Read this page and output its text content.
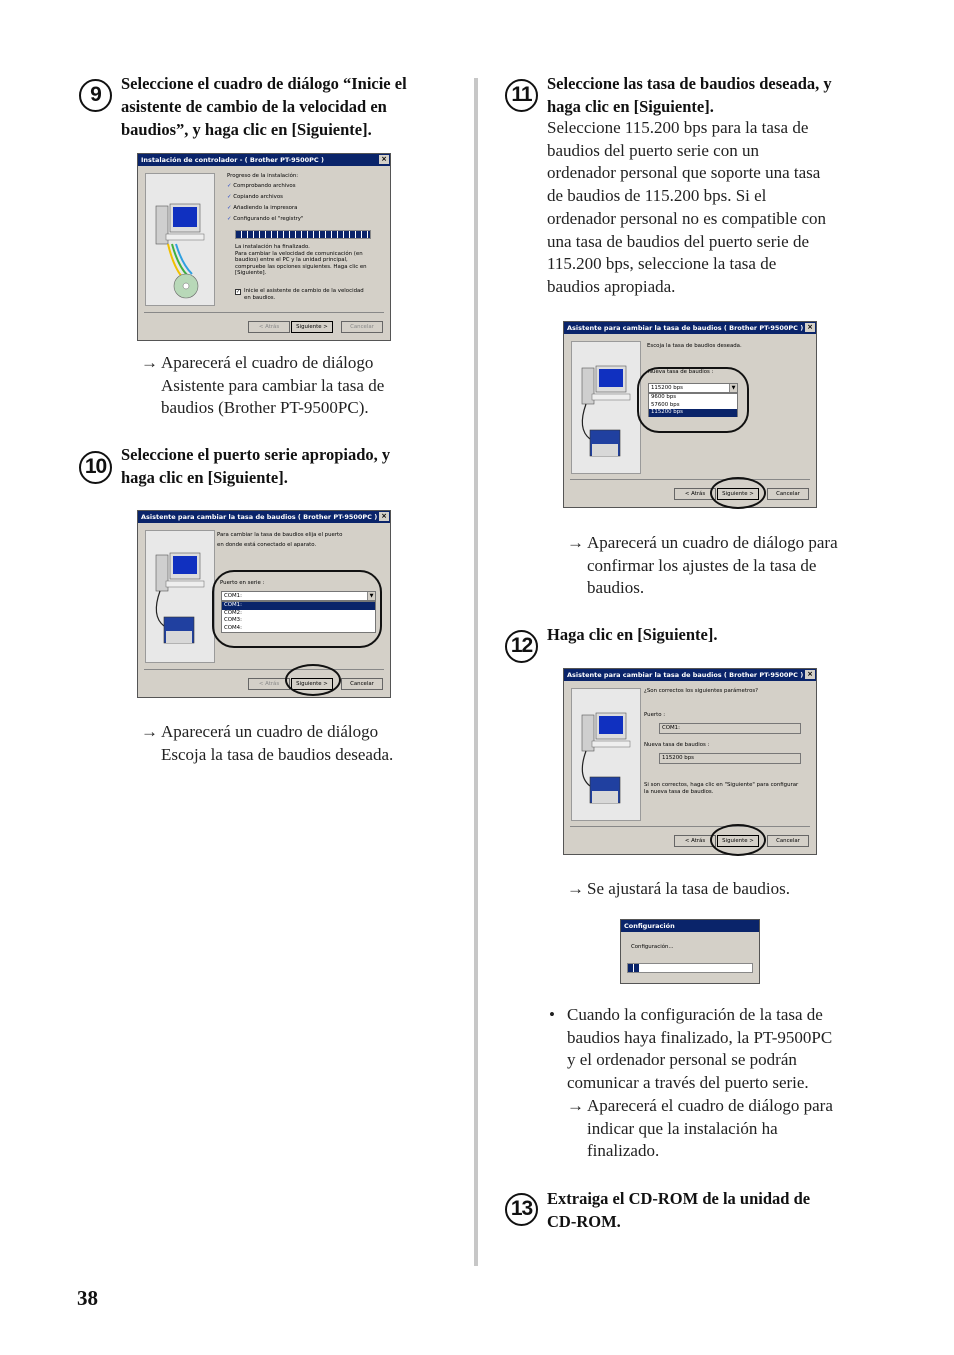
9	Seleccione el cuadro de diálogo “Inicie el
asistente de cambio de la velocidad en
baudios”, y haga clic en [Siguiente].
Instalación de controlador - ( Brother PT-9500PC )	×
Progreso de la instalación:
✓ Comprobando archivos
✓ Copiando archivos
✓ Añadiendo la impresora
✓ Configurando el "registry"
La instalación ha finalizado.
Para cambiar la velocidad de comunicación (en
baudios) entre el PC y la unidad principal,
compruebe las opciones siguientes. Haga clic en
[Siguiente].
✓ Inicie el asistente de cambio de la velocidad
en baudios.
< Atrás	Siguiente >	Cancelar
→ Aparecerá el cuadro de diálogo
Asistente para cambiar la tasa de
baudios (Brother PT-9500PC).
10
Seleccione el puerto serie apropiado, y
haga clic en [Siguiente].
Asistente para cambiar la tasa de baudios ( Brother PT-9500PC ) ×
Para cambiar la tasa de baudios elija el puerto
en donde está conectado el aparato.
Puerto en serie :
COM1:	▼
COM1:
COM2:
COM3:
COM4:
< Atrás	Siguiente >	Cancelar
→ Aparecerá un cuadro de diálogo
Escoja la tasa de baudios deseada.
38
11 Seleccione las tasa de baudios deseada, y
haga clic en [Siguiente].
Seleccione 115.200 bps para la tasa de
baudios del puerto serie con un
ordenador personal que soporte una tasa
de baudios de 115.200 bps. Si el
ordenador personal no es compatible con
una tasa de baudios del puerto serie de
115.200 bps, seleccione la tasa de
baudios apropiada.
Asistente para cambiar la tasa de baudios ( Brother PT-9500PC ) ×
Escoja la tasa de baudios deseada.
Nueva tasa de baudios :
115200 bps	▼
9600 bps
57600 bps
115200 bps
< Atrás	Siguiente >	Cancelar
→ Aparecerá un cuadro de diálogo para
confirmar los ajustes de la tasa de
baudios.
12 Haga clic en [Siguiente].
Asistente para cambiar la tasa de baudios ( Brother PT-9500PC ) ×
¿Son correctos los siguientes parámetros?
Puerto :
COM1:
Nueva tasa de baudios :
115200 bps
Si son correctos, haga clic en "Siguiente" para configurar
la nueva tasa de baudios.
< Atrás	Siguiente >	Cancelar
→ Se ajustará la tasa de baudios.
Configuración
Configuración...
• Cuando la configuración de la tasa de
baudios haya finalizado, la PT-9500PC
y el ordenador personal se podrán
comunicar a través del puerto serie.
→ Aparecerá el cuadro de diálogo para
indicar que la instalación ha
finalizado.
13 Extraiga el CD-ROM de la unidad de
CD-ROM.
